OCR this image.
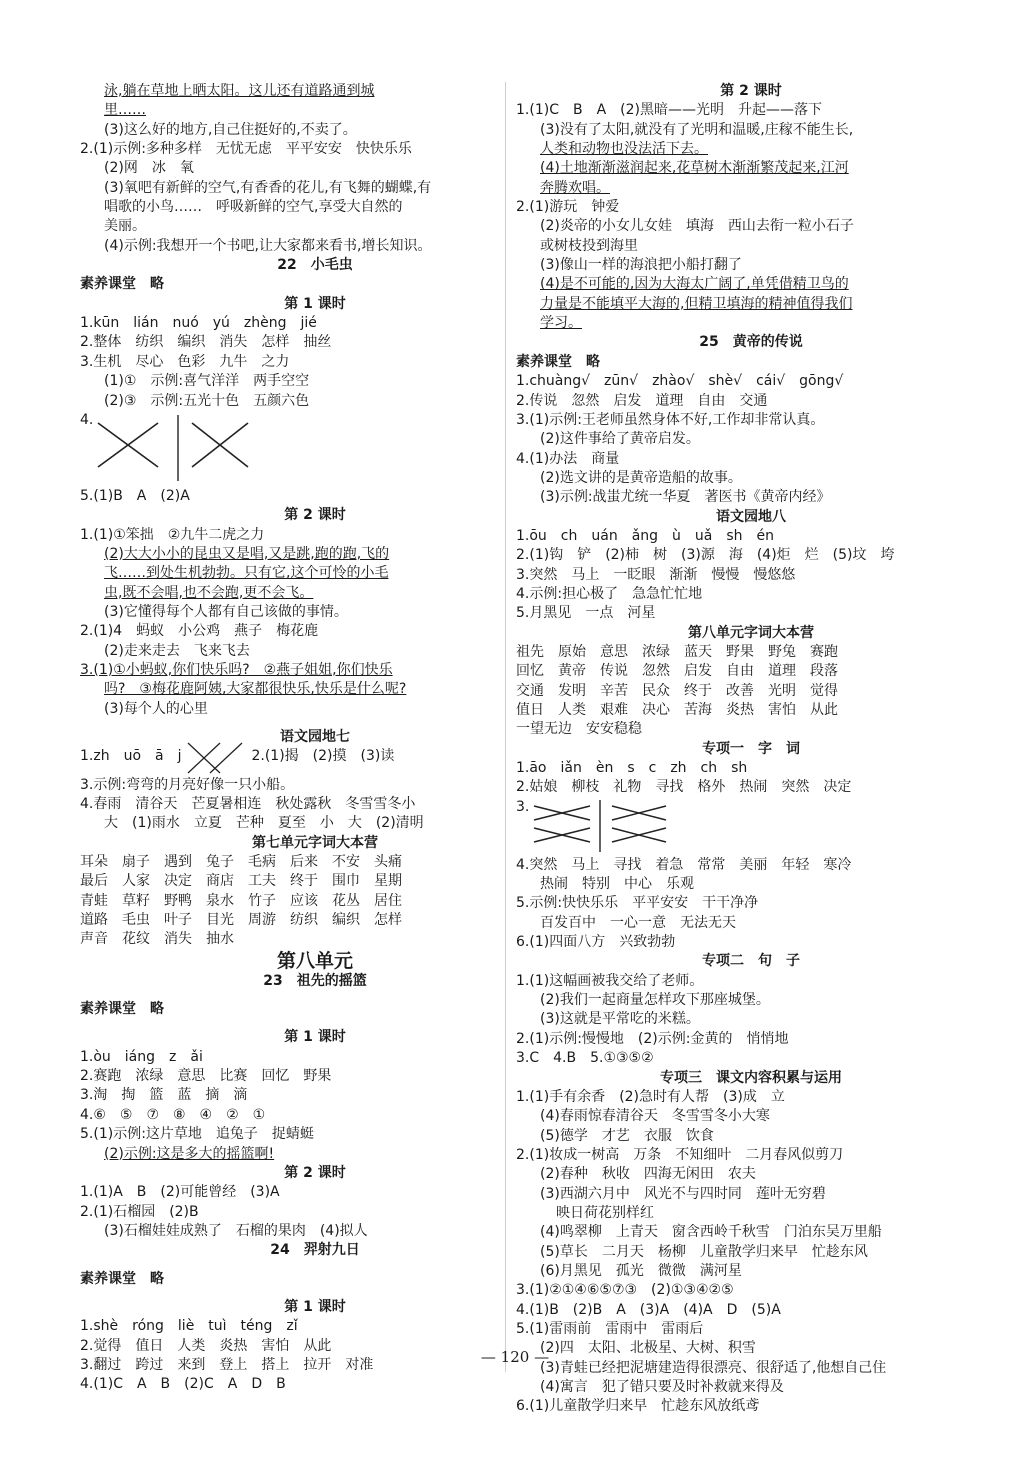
泳,躺在草地上晒太阳。这儿还有道路通到城
里……
(3)这么好的地方,自己住挺好的,不卖了。
2.(1)示例:多种多样　无忧无虑　平平安安　快快乐乐
(2)网　冰　氧
(3)氧吧有新鲜的空气,有香香的花儿,有飞舞的蝴蝶,有
唱歌的小鸟……　呼吸新鲜的空气,享受大自然的
美丽。
(4)示例:我想开一个书吧,让大家都来看书,增长知识。
22　小毛虫
素养课堂　略
第 1 课时
1.kūn　lián　nuó　yú　zhèng　jié
2.整体　纺织　编织　消失　怎样　抽丝
3.生机　尽心　色彩　九牛　之力
(1)①　示例:喜气洋洋　两手空空
(2)③　示例:五光十色　五颜六色
4.
5.(1)B　A　(2)A
第 2 课时
1.(1)①笨拙　②九牛二虎之力
(2)大大小小的昆虫又是唱,又是跳,跑的跑,飞的
飞……到处生机勃勃。只有它,这个可怜的小毛
虫,既不会唱,也不会跑,更不会飞。
(3)它懂得每个人都有自己该做的事情。
2.(1)4　蚂蚁　小公鸡　燕子　梅花鹿
(2)走来走去　飞来飞去
3.(1)①小蚂蚁,你们快乐吗?　②燕子姐姐,你们快乐
吗?　③梅花鹿阿姨,大家都很快乐,快乐是什么呢?
(3)每个人的心里
语文园地七
1.zh　uō　ā　j　　　　　2.(1)揭　(2)摸　(3)读
3.示例:弯弯的月亮好像一只小船。
4.春雨　清谷天　芒夏暑相连　秋处露秋　冬雪雪冬小
大　(1)雨水　立夏　芒种　夏至　小　大　(2)清明
第七单元字词大本营
耳朵　扇子　遇到　兔子　毛病　后来　不安　头痛
最后　人家　决定　商店　工夫　终于　围巾　星期
青蛙　草籽　野鸭　泉水　竹子　应该　花丛　居住
道路　毛虫　叶子　目光　周游　纺织　编织　怎样
声音　花纹　消失　抽水
第八单元
23　祖先的摇篮
素养课堂　略
第 1 课时
1.òu　iáng　z　ǎi
2.赛跑　浓绿　意思　比赛　回忆　野果
3.淘　掏　篮　蓝　摘　滴
4.⑥　⑤　⑦　⑧　④　②　①
5.(1)示例:这片草地　追兔子　捉蜻蜓
(2)示例:这是多大的摇篮啊!
第 2 课时
1.(1)A　B　(2)可能曾经　(3)A
2.(1)石榴园　(2)B
(3)石榴娃娃成熟了　石榴的果肉　(4)拟人
24　羿射九日
素养课堂　略
第 1 课时
1.shè　róng　liè　tuì　téng　zǐ
2.觉得　值日　人类　炎热　害怕　从此
3.翻过　跨过　来到　登上　搭上　拉开　对准
4.(1)C　A　B　(2)C　A　D　B
第 2 课时
1.(1)C　B　A　(2)黑暗——光明　升起——落下
(3)没有了太阳,就没有了光明和温暖,庄稼不能生长,
人类和动物也没法活下去。
(4)土地渐渐滋润起来,花草树木渐渐繁茂起来,江河
奔腾欢唱。
2.(1)游玩　钟爱
(2)炎帝的小女儿女娃　填海　西山去衔一粒小石子
或树枝投到海里
(3)像山一样的海浪把小船打翻了
(4)是不可能的,因为大海太广阔了,单凭借精卫鸟的
力量是不能填平大海的,但精卫填海的精神值得我们
学习。
25　黄帝的传说
素养课堂　略
1.chuàng√　zūn√　zhào√　shè√　cái√　gōng√
2.传说　忽然　启发　道理　自由　交通
3.(1)示例:王老师虽然身体不好,工作却非常认真。
(2)这件事给了黄帝启发。
4.(1)办法　商量
(2)选文讲的是黄帝造船的故事。
(3)示例:战蚩尤统一华夏　著医书《黄帝内经》
语文园地八
1.ōu　ch　uán　ǎng　ù　uǎ　sh　én
2.(1)钩　铲　(2)柿　树　(3)源　海　(4)炬　烂　(5)坟　垮
3.突然　马上　一眨眼　渐渐　慢慢　慢悠悠
4.示例:担心极了　急急忙忙地
5.月黑见　一点　河星
第八单元字词大本营
祖先　原始　意思　浓绿　蓝天　野果　野兔　赛跑
回忆　黄帝　传说　忽然　启发　自由　道理　段落
交通　发明　辛苦　民众　终于　改善　光明　觉得
值日　人类　艰难　决心　苦海　炎热　害怕　从此
一望无边　安安稳稳
专项一　字　词
1.āo　iǎn　èn　s　c　zh　ch　sh
2.姑娘　柳枝　礼物　寻找　格外　热闹　突然　决定
3.
4.突然　马上　寻找　着急　常常　美丽　年轻　寒冷
热闹　特别　中心　乐观
5.示例:快快乐乐　平平安安　干干净净
百发百中　一心一意　无法无天
6.(1)四面八方　兴致勃勃
专项二　句　子
1.(1)这幅画被我交给了老师。
(2)我们一起商量怎样攻下那座城堡。
(3)这就是平常吃的米糕。
2.(1)示例:慢慢地　(2)示例:金黄的　悄悄地
3.C　4.B　5.①③⑤②
专项三　课文内容积累与运用
1.(1)手有余香　(2)急时有人帮　(3)成　立
(4)春雨惊春清谷天　冬雪雪冬小大寒
(5)德学　才艺　衣服　饮食
2.(1)妆成一树高　万条　不知细叶　二月春风似剪刀
(2)春种　秋收　四海无闲田　农夫
(3)西湖六月中　风光不与四时同　莲叶无穷碧
映日荷花别样红
(4)鸣翠柳　上青天　窗含西岭千秋雪　门泊东吴万里船
(5)草长　二月天　杨柳　儿童散学归来早　忙趁东风
(6)月黑见　孤光　微微　满河星
3.(1)②①④⑥⑤⑦③　(2)①③④②⑤
4.(1)B　(2)B　A　(3)A　(4)A　D　(5)A
5.(1)雷雨前　雷雨中　雷雨后
(2)四　太阳、北极星、大树、积雪
(3)青蛙已经把泥塘建造得很漂亮、很舒适了,他想自己住
(4)寓言　犯了错只要及时补救就来得及
6.(1)儿童散学归来早　忙趁东风放纸鸢
— 120 —
